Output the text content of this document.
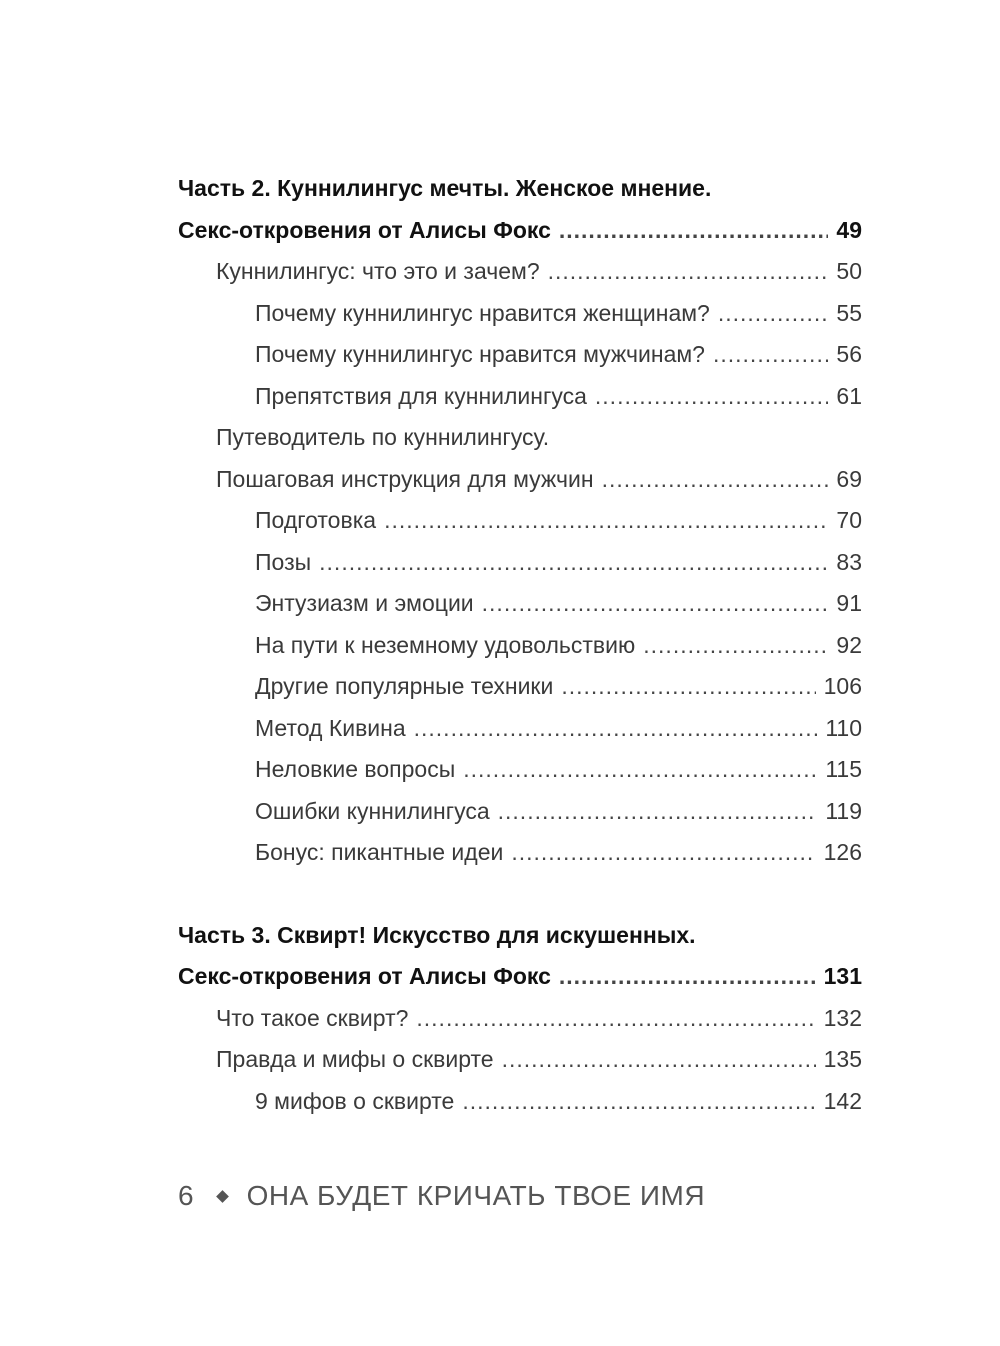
Часть 2. Куннилингус мечты. Женское мнение.
Секс-откровения от Алисы Фокс .....	49
Куннилингус: что это и зачем? .....	50
Почему куннилингус нравится женщинам? .....	55
Почему куннилингус нравится мужчинам? .....	56
Препятствия для куннилингуса .....	61
Путеводитель по куннилингусу.
Пошаговая инструкция для мужчин .....	69
Подготовка .....	70
Позы .....	83
Энтузиазм и эмоции .....	91
На пути к неземному удовольствию .....	92
Другие популярные техники .....	106
Метод Кивина .....	110
Неловкие вопросы .....	115
Ошибки куннилингуса .....	119
Бонус: пикантные идеи .....	126
Часть 3. Сквирт! Искусство для искушенных.
Секс-откровения от Алисы Фокс .....	131
Что такое сквирт? .....	132
Правда и мифы о сквирте .....	135
9 мифов о сквирте .....	142
6 ОНА БУДЕТ КРИЧАТЬ ТВОЕ ИМЯ
